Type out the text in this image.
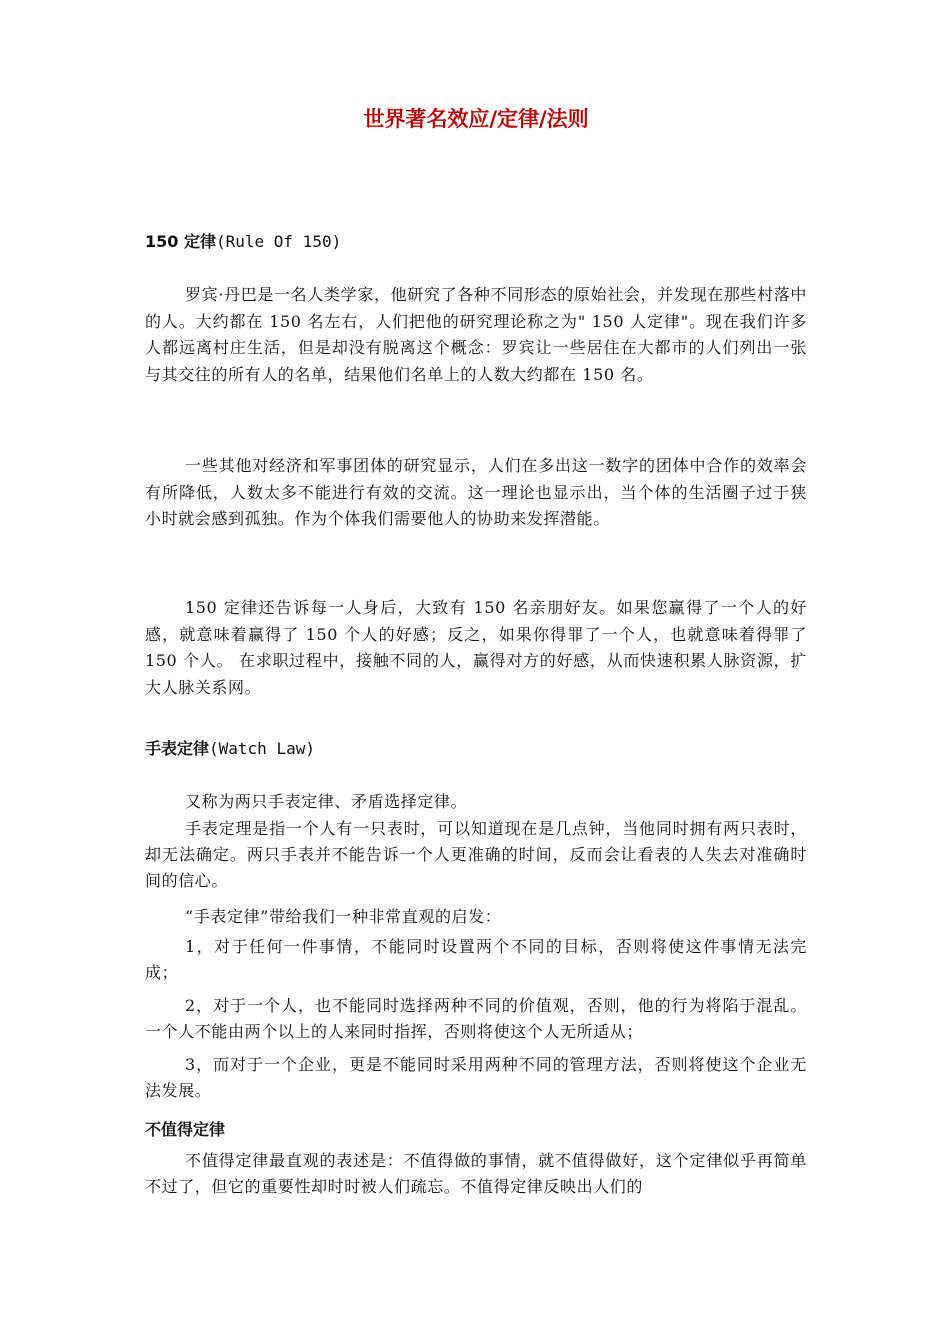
世界著名效应/定律/法则
150 定律(Rule Of 150)

罗宾·丹巴是一名人类学家，他研究了各种不同形态的原始社会，并发现在那些村落中的人。大约都在 150 名左右，人们把他的研究理论称之为" 150 人定律"。现在我们许多人都远离村庄生活，但是却没有脱离这个概念：罗宾让一些居住在大都市的人们列出一张与其交往的所有人的名单，结果他们名单上的人数大约都在 150 名。

一些其他对经济和军事团体的研究显示，人们在多出这一数字的团体中合作的效率会有所降低，人数太多不能进行有效的交流。这一理论也显示出，当个体的生活圈子过于狭小时就会感到孤独。作为个体我们需要他人的协助来发挥潜能。

150 定律还告诉每一人身后，大致有 150 名亲朋好友。如果您赢得了一个人的好感，就意味着赢得了 150 个人的好感；反之，如果你得罪了一个人，也就意味着得罪了 150 个人。 在求职过程中，接触不同的人，赢得对方的好感，从而快速积累人脉资源，扩大人脉关系网。

手表定律(Watch Law)

又称为两只手表定律、矛盾选择定律。

手表定理是指一个人有一只表时，可以知道现在是几点钟，当他同时拥有两只表时，却无法确定。两只手表并不能告诉一个人更准确的时间，反而会让看表的人失去对准确时间的信心。

“手表定律”带给我们一种非常直观的启发：

1，对于任何一件事情，不能同时设置两个不同的目标，否则将使这件事情无法完成；

2，对于一个人，也不能同时选择两种不同的价值观，否则，他的行为将陷于混乱。一个人不能由两个以上的人来同时指挥，否则将使这个人无所适从；

3，而对于一个企业，更是不能同时采用两种不同的管理方法，否则将使这个企业无法发展。

不值得定律

不值得定律最直观的表述是：不值得做的事情，就不值得做好，这个定律似乎再简单不过了，但它的重要性却时时被人们疏忘。不值得定律反映出人们的
